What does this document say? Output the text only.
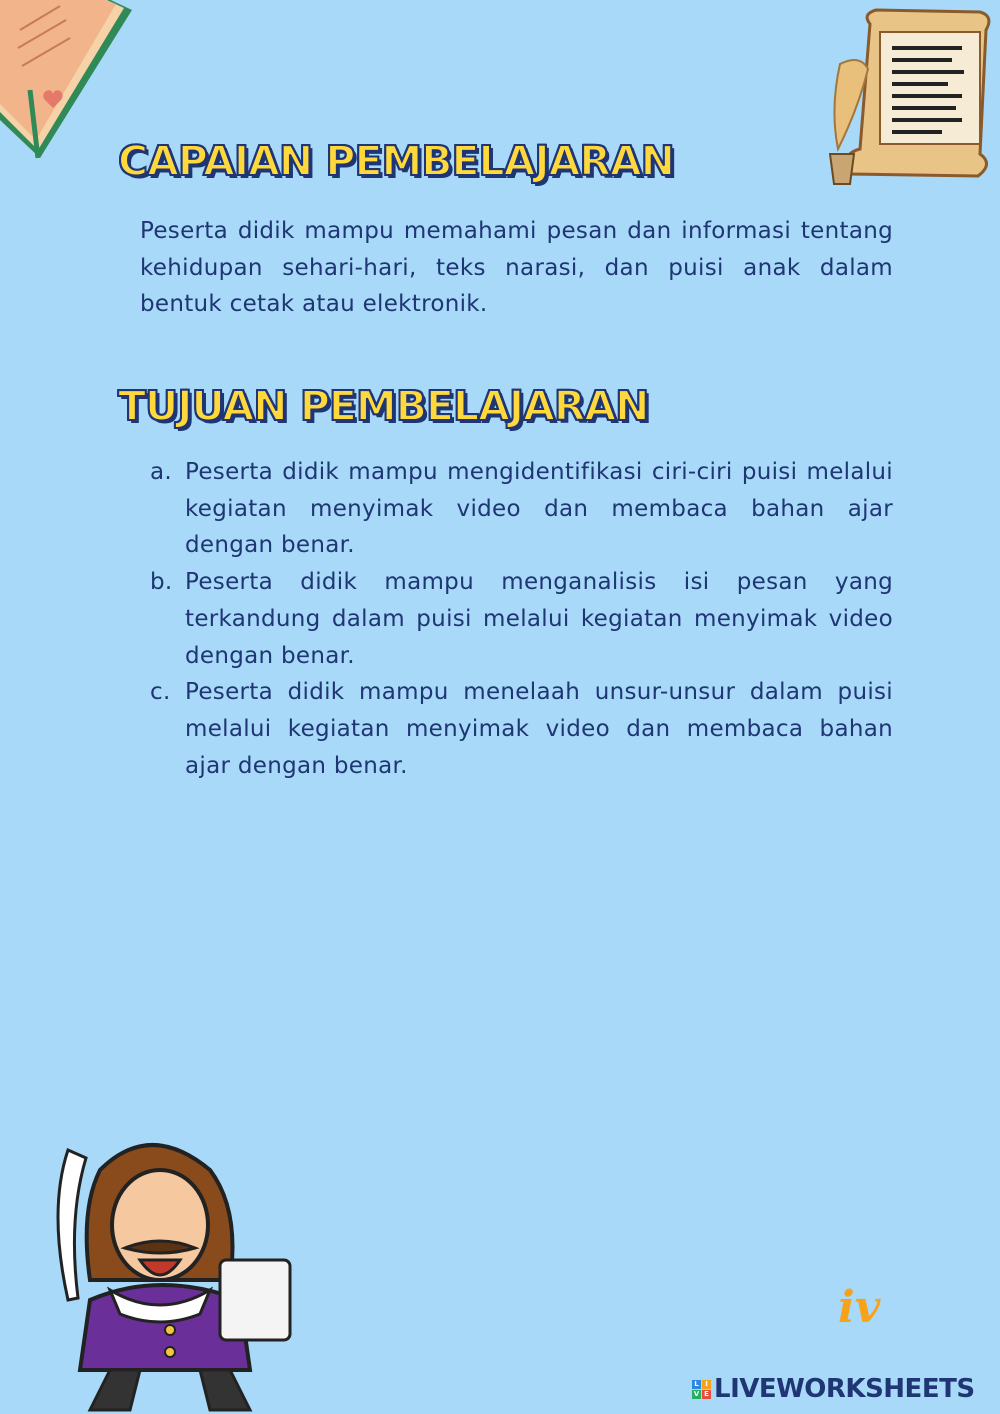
CAPAIAN PEMBELAJARAN

Peserta didik mampu memahami pesan dan informasi tentang kehidupan sehari-hari, teks narasi, dan puisi anak dalam bentuk cetak atau elektronik.

TUJUAN PEMBELAJARAN
a. Peserta didik mampu mengidentifikasi ciri-ciri puisi melalui kegiatan menyimak video dan membaca bahan ajar dengan benar.
b. Peserta didik mampu menganalisis isi pesan yang terkandung dalam puisi melalui kegiatan menyimak video dengan benar.
c. Peserta didik mampu menelaah unsur-unsur dalam puisi melalui kegiatan menyimak video dan membaca bahan ajar dengan benar.
iv
L I
V E LIVEWORKSHEETS
